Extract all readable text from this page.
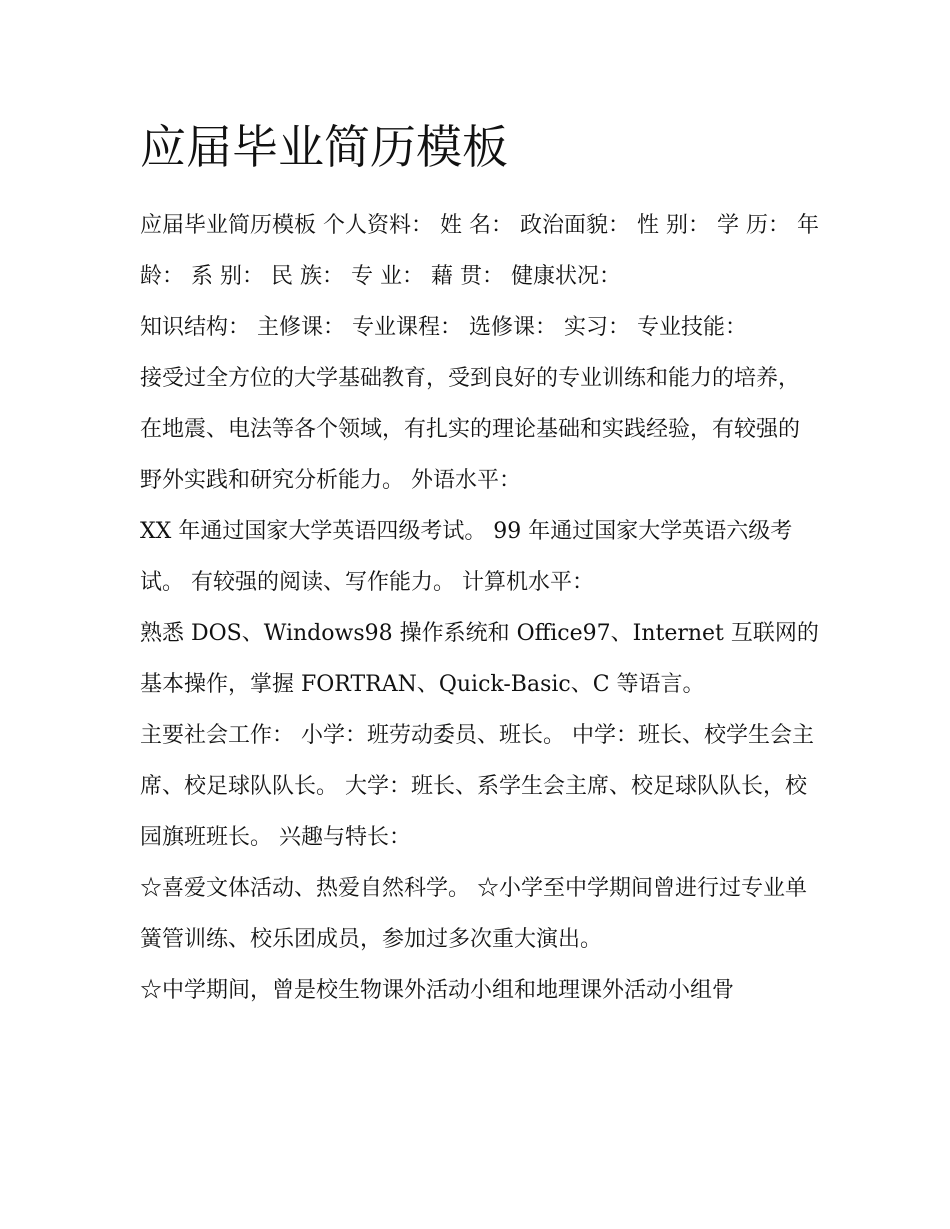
应届毕业简历模板

应届毕业简历模板 个人资料： 姓 名： 政治面貌： 性 别： 学 历： 年 龄： 系 别： 民 族： 专 业： 藉 贯： 健康状况：

知识结构： 主修课： 专业课程： 选修课： 实习： 专业技能：

接受过全方位的大学基础教育，受到良好的专业训练和能力的培养，在地震、电法等各个领域，有扎实的理论基础和实践经验，有较强的野外实践和研究分析能力。 外语水平：

XX 年通过国家大学英语四级考试。 99 年通过国家大学英语六级考试。 有较强的阅读、写作能力。 计算机水平：

熟悉 DOS、Windows98 操作系统和 Office97、Internet 互联网的基本操作，掌握 FORTRAN、Quick-Basic、C 等语言。

主要社会工作： 小学：班劳动委员、班长。 中学：班长、校学生会主席、校足球队队长。 大学：班长、系学生会主席、校足球队队长，校园旗班班长。 兴趣与特长：

☆喜爱文体活动、热爱自然科学。 ☆小学至中学期间曾进行过专业单簧管训练、校乐团成员，参加过多次重大演出。

☆中学期间，曾是校生物课外活动小组和地理课外活动小组骨
